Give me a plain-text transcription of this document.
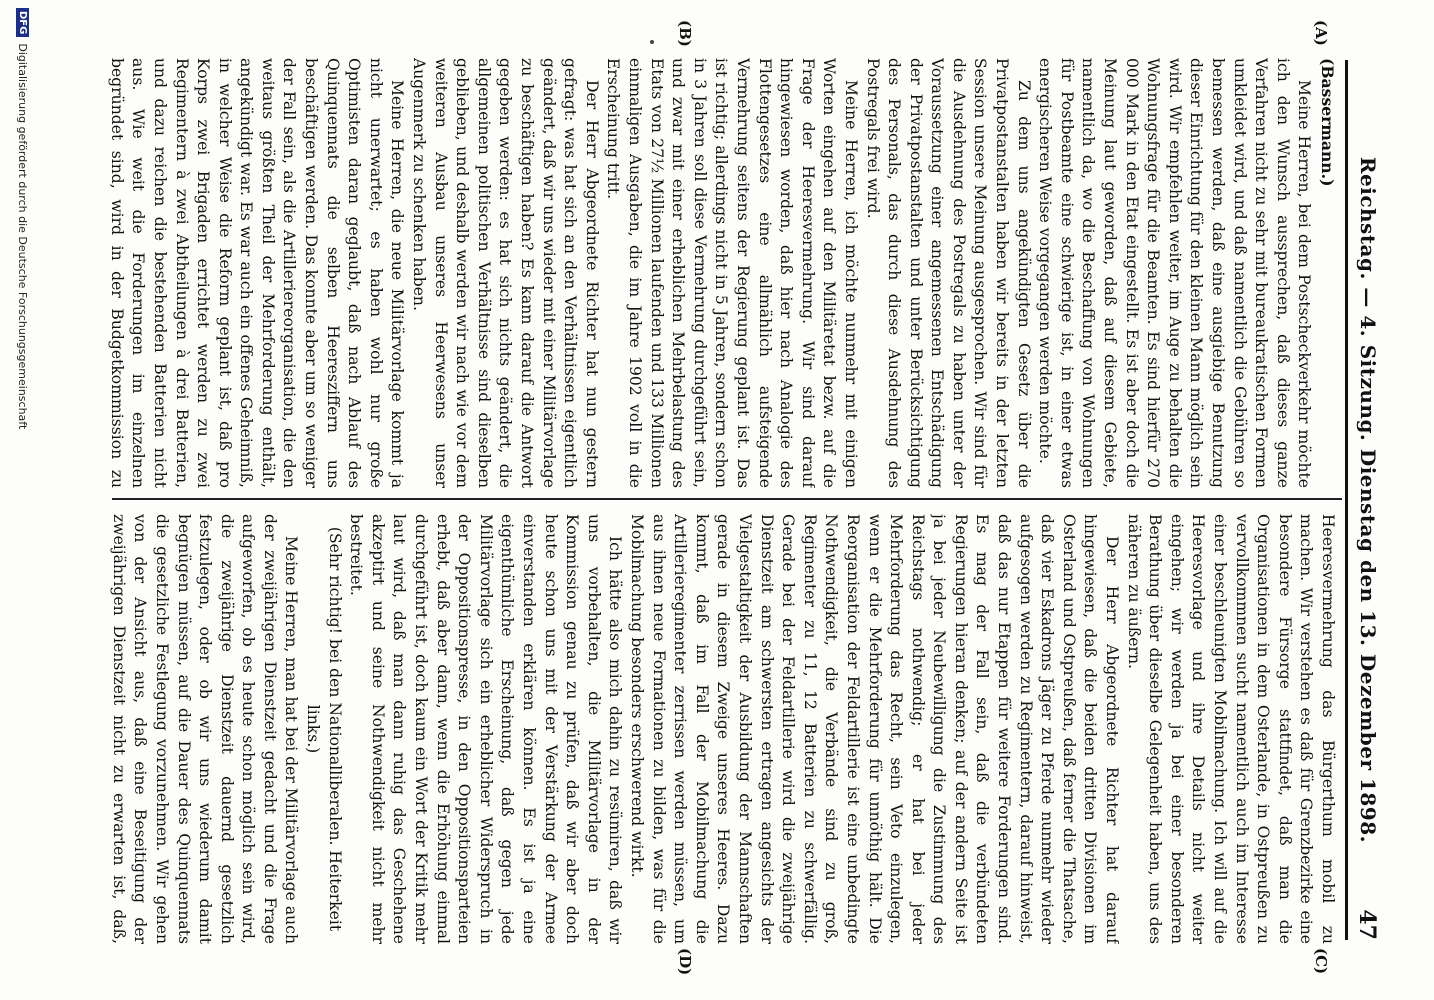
Reichstag. — 4. Sitzung. Dienstag den 13. Dezember 1898.
47
(A)
(B)
(C)
(D)

(Bassermann.)

Meine Herren, bei dem Postscheckverkehr möchte ich den Wunsch aussprechen, daß dieses ganze Verfahren nicht zu sehr mit bureaukratischen Formen umkleidet wird, und daß namentlich die Gebühren so bemessen werden, daß eine ausgiebige Benutzung dieser Einrichtung für den kleinen Mann möglich sein wird. Wir empfehlen weiter, im Auge zu behalten die Wohnungsfrage für die Beamten. Es sind hierfür 270 000 Mark in den Etat eingestellt. Es ist aber doch die Meinung laut geworden, daß auf diesem Gebiete, namentlich da, wo die Beschaffung von Wohnungen für Postbeamte eine schwierige ist, in einer etwas energischeren Weise vorgegangen werden möchte.

Zu dem uns angekündigten Gesetz über die Privatpostanstalten haben wir bereits in der letzten Session unsere Meinung ausgesprochen. Wir sind für die Ausdehnung des Postregals zu haben unter der Voraussetzung einer angemessenen Entschädigung der Privatpostanstalten und unter Berücksichtigung des Personals, das durch diese Ausdehnung des Postregals frei wird.

Meine Herren, ich möchte nunmehr mit einigen Worten eingehen auf den Militäretat bezw. auf die Frage der Heeresvermehrung. Wir sind darauf hingewiesen worden, daß hier nach Analogie des Flottengesetzes eine allmählich aufsteigende Vermehrung seitens der Regierung geplant ist. Das ist richtig; allerdings nicht in 5 Jahren, sondern schon in 3 Jahren soll diese Vermehrung durchgeführt sein, und zwar mit einer erheblichen Mehrbelastung des Etats von 27½ Millionen laufenden und 133 Millionen einmaligen Ausgaben, die im Jahre 1902 voll in die Erscheinung tritt.

Der Herr Abgeordnete Richter hat nun gestern gefragt: was hat sich an den Verhältnissen eigentlich geändert, daß wir uns wieder mit einer Militärvorlage zu beschäftigen haben? Es kann darauf die Antwort gegeben werden: es hat sich nichts geändert, die allgemeinen politischen Verhältnisse sind dieselben geblieben, und deshalb werden wir nach wie vor dem weiteren Ausbau unseres Heerwesens unser Augenmerk zu schenken haben.

Meine Herren, die neue Militärvorlage kommt ja nicht unerwartet; es haben wohl nur große Optimisten daran geglaubt, daß nach Ablauf des Quinquennats die selben Heeresziffern uns beschäftigen werden. Das konnte aber um so weniger der Fall sein, als die Artilleriereorganisation, die den weitaus größten Theil der Mehrforderung enthält, angekündigt war. Es war auch ein offenes Geheimniß, in welcher Weise die Reform geplant ist, daß pro Korps zwei Brigaden errichtet werden zu zwei Regimentern à zwei Abtheilungen à drei Batterien, und dazu reichen die bestehenden Batterien nicht aus. Wie weit die Forderungen im einzelnen begründet sind, wird in der Budgetkommission zu

Heeresvermehrung das Bürgerthum mobil zu machen. Wir verstehen es daß für Grenzbezirke eine besondere Fürsorge stattfindet, daß man die Organisationen in dem Osterlande, in Ostpreußen zu vervollkommnen sucht namentlich auch im Interesse einer beschleunigten Mobilmachung. Ich will auf die Heeresvorlage und ihre Details nicht weiter eingehen; wir werden ja bei einer besonderen Berathung über dieselbe Gelegenheit haben, uns des näheren zu äußern.

Der Herr Abgeordnete Richter hat darauf hingewiesen, daß die beiden dritten Divisionen im Osterland und Ostpreußen, daß ferner die Thatsache, daß vier Eskadrons Jäger zu Pferde nunmehr wieder aufgesogen werden zu Regimentern, darauf hinweist, daß das nur Etappen für weitere Forderungen sind. Es mag der Fall sein, daß die verbündeten Regierungen hieran denken; auf der andern Seite ist ja bei jeder Neubewilligung die Zustimmung des Reichstags nothwendig; er hat bei jeder Mehrforderung das Recht, sein Veto einzulegen, wenn er die Mehrforderung für unnöthig hält. Die Reorganisation der Feldartillerie ist eine unbedingte Nothwendigkeit, die Verbände sind zu groß, Regimenter zu 11, 12 Batterien zu schwerfällig. Gerade bei der Feldartillerie wird die zweijährige Dienstzeit am schwersten ertragen angesichts der Vielgestaltigkeit der Ausbildung der Mannschaften gerade in diesem Zweige unseres Heeres. Dazu kommt, daß im Fall der Mobilmachung die Artillerieregimenter zerrissen werden müssen, um aus ihnen neue Formationen zu bilden, was für die Mobilmachung besonders erschwerend wirkt.

Ich hätte also mich dahin zu resümiren, daß wir uns vorbehalten, die Militärvorlage in der Kommission genau zu prüfen, daß wir aber doch heute schon uns mit der Verstärkung der Armee einverstanden erklären können. Es ist ja eine eigenthümliche Erscheinung, daß gegen jede Militärvorlage sich ein erheblicher Widerspruch in der Oppositionspresse, in den Oppositionsparteien erhebt, daß aber dann, wenn die Erhöhung einmal durchgeführt ist, doch kaum ein Wort der Kritik mehr laut wird, daß man dann ruhig das Geschehene akzeptirt und seine Nothwendigkeit nicht mehr bestreitet.

(Sehr richtig! bei den Nationalliberalen. Heiterkeit links.)

Meine Herren, man hat bei der Militärvorlage auch der zweijährigen Dienstzeit gedacht und die Frage aufgeworfen, ob es heute schon möglich sein wird, die zweijährige Dienstzeit dauernd gesetzlich festzulegen, oder ob wir uns wiederum damit begnügen müssen, auf die Dauer des Quinquennats die gesetzliche Festlegung vorzunehmen. Wir gehen von der Ansicht aus, daß eine Beseitigung der zweijährigen Dienstzeit nicht zu erwarten ist, daß,

DFG
Digitalisierung gefördert durch die Deutsche Forschungsgemeinschaft
